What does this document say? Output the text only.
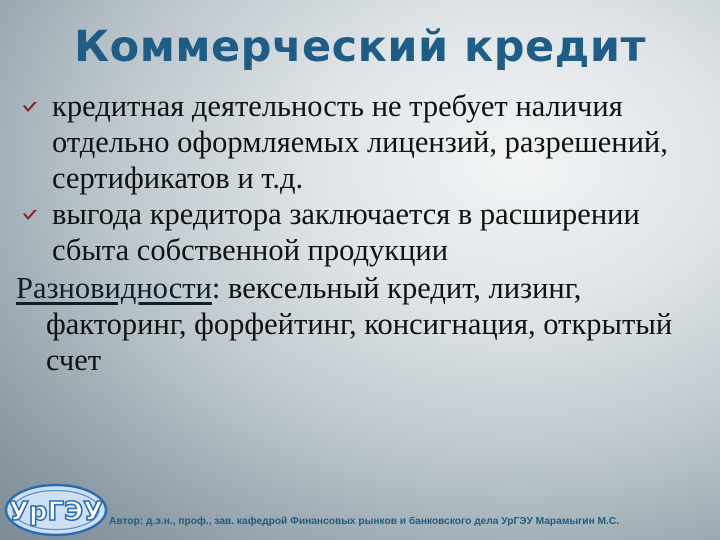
Коммерческий кредит
кредитная деятельность не требует наличия отдельно оформляемых лицензий, разрешений, сертификатов и т.д.
выгода кредитора заключается в расширении сбыта собственной продукции
Разновидности: вексельный кредит, лизинг, факторинг, форфейтинг, консигнация, открытый счет
УрГЭУ Автор: д.э.н., проф., зав. кафедрой Финансовых рынков и банковского дела УрГЭУ Марамыгин М.С.
